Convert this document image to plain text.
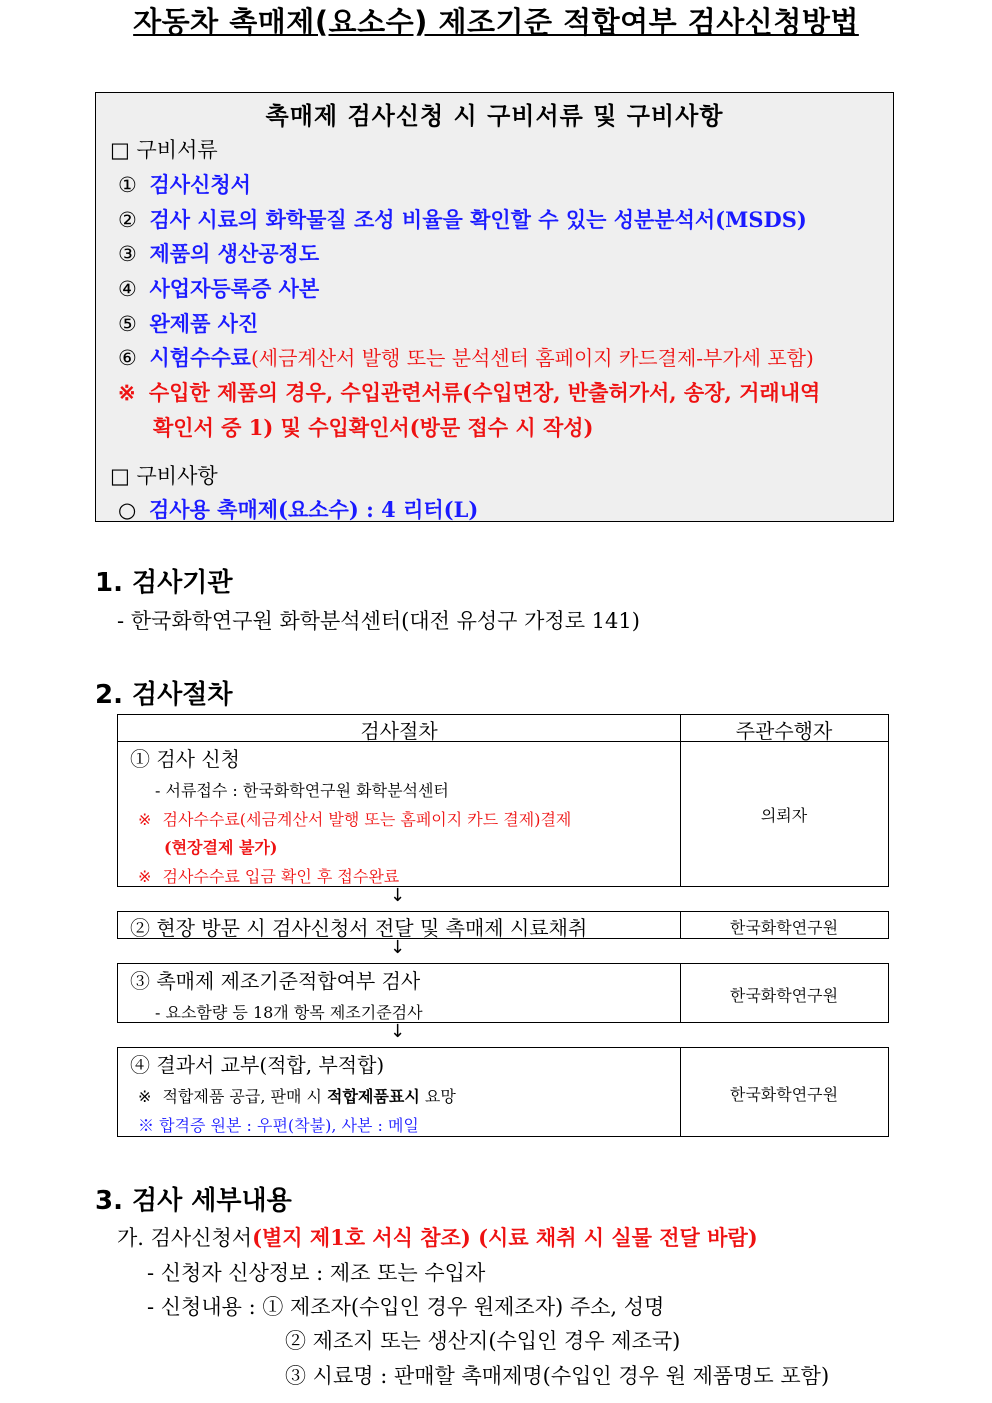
자동차 촉매제(요소수) 제조기준 적합여부 검사신청방법
촉매제 검사신청 시 구비서류 및 구비사항
□ 구비서류
① 검사신청서
② 검사 시료의 화학물질 조성 비율을 확인할 수 있는 성분분석서(MSDS)
③ 제품의 생산공정도
④ 사업자등록증 사본
⑤ 완제품 사진
⑥ 시험수수료(세금계산서 발행 또는 분석센터 홈페이지 카드결제-부가세 포함)
※ 수입한 제품의 경우, 수입관련서류(수입면장, 반출허가서, 송장, 거래내역
확인서 중 1) 및 수입확인서(방문 접수 시 작성)
□ 구비사항
○ 검사용 촉매제(요소수) : 4 리터(L)
1. 검사기관
- 한국화학연구원 화학분석센터(대전 유성구 가정로 141)
2. 검사절차
검사절차	주관수행자
① 검사 신청
- 서류접수 : 한국화학연구원 화학분석센터
※ 검사수수료(세금계산서 발행 또는 홈페이지 카드 결제)결제
(현장결제 불가)
※ 검사수수료 입금 확인 후 접수완료
의뢰자
↓
② 현장 방문 시 검사신청서 전달 및 촉매제 시료채취	한국화학연구원
↓
③ 촉매제 제조기준적합여부 검사
- 요소함량 등 18개 항목 제조기준검사
한국화학연구원
↓
④ 결과서 교부(적합, 부적합)
※ 적합제품 공급, 판매 시 적합제품표시 요망
※ 합격증 원본 : 우편(착불), 사본 : 메일
한국화학연구원
3. 검사 세부내용
가. 검사신청서(별지 제1호 서식 참조) (시료 채취 시 실물 전달 바람)
- 신청자 신상정보 : 제조 또는 수입자
- 신청내용 : ① 제조자(수입인 경우 원제조자) 주소, 성명
② 제조지 또는 생산지(수입인 경우 제조국)
③ 시료명 : 판매할 촉매제명(수입인 경우 원 제품명도 포함)
